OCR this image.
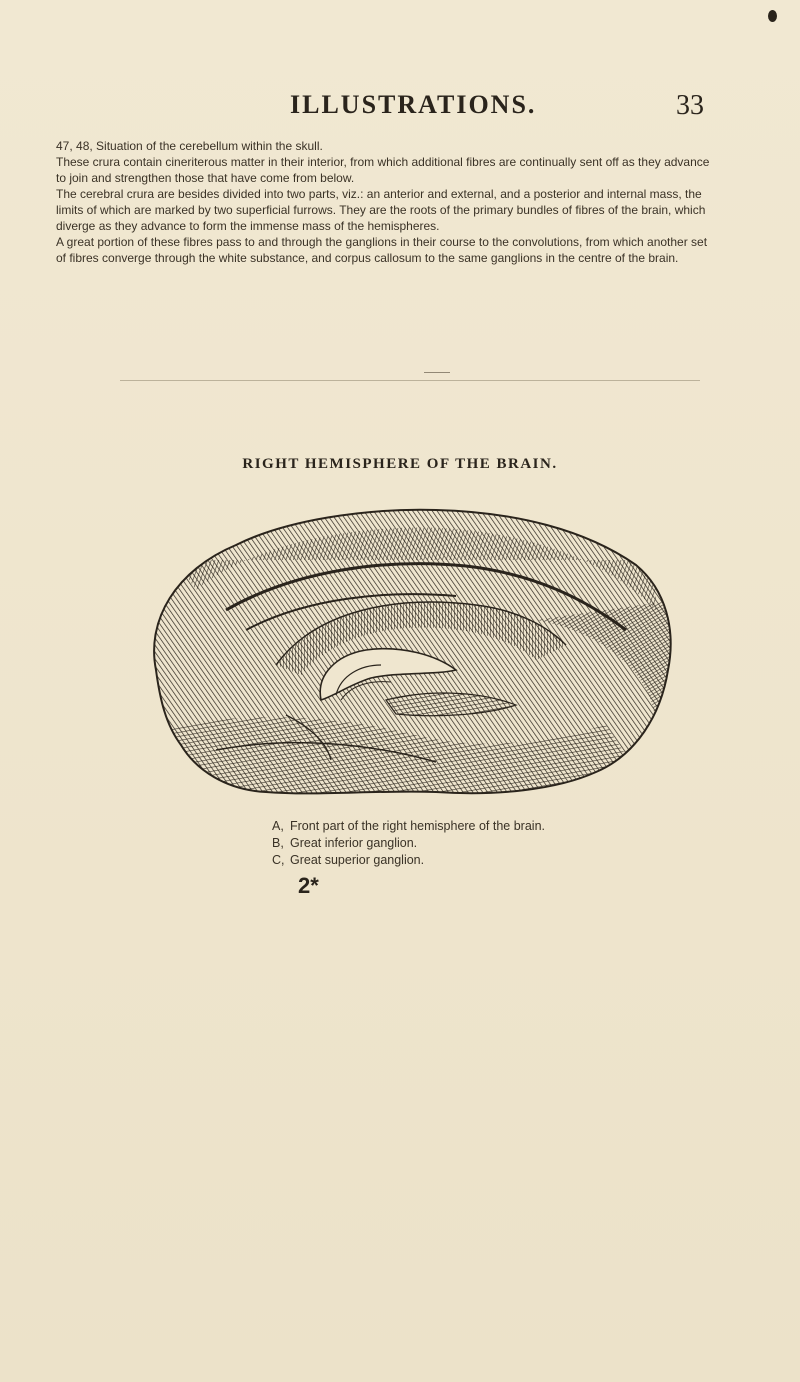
ILLUSTRATIONS.	33

47, 48, Situation of the cerebellum within the skull.

These crura contain cineriterous matter in their interior, from which additional fibres are continually sent off as they advance to join and strengthen those that have come from below.

The cerebral crura are besides divided into two parts, viz.: an anterior and external, and a posterior and internal mass, the limits of which are marked by two superficial furrows. They are the roots of the primary bundles of fibres of the brain, which diverge as they advance to form the immense mass of the hemispheres.

A great portion of these fibres pass to and through the ganglions in their course to the convolutions, from which another set of fibres converge through the white substance, and corpus callosum to the same ganglions in the centre of the brain.

RIGHT HEMISPHERE OF THE BRAIN.
A, Front part of the right hemisphere of the brain.
B, Great inferior ganglion.
C, Great superior ganglion.
2*
